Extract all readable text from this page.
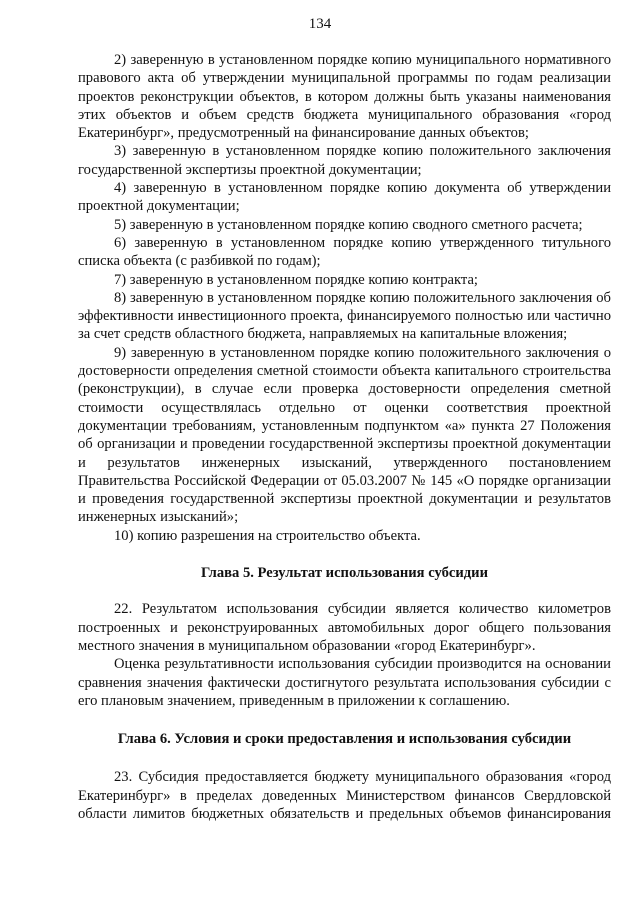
134

2) заверенную в установленном порядке копию муниципального нормативного правового акта об утверждении муниципальной программы по годам реализации проектов реконструкции объектов, в котором должны быть указаны наименования этих объектов и объем средств бюджета муниципального образования «город Екатеринбург», предусмотренный на финансирование данных объектов;

3) заверенную в установленном порядке копию положительного заключения государственной экспертизы проектной документации;

4) заверенную в установленном порядке копию документа об утверждении проектной документации;

5) заверенную в установленном порядке копию сводного сметного расчета;

6) заверенную в установленном порядке копию утвержденного титульного списка объекта (с разбивкой по годам);

7) заверенную в установленном порядке копию контракта;

8) заверенную в установленном порядке копию положительного заключения об эффективности инвестиционного проекта, финансируемого полностью или частично за счет средств областного бюджета, направляемых на капитальные вложения;

9) заверенную в установленном порядке копию положительного заключения о достоверности определения сметной стоимости объекта капитального строительства (реконструкции), в случае если проверка достоверности определения сметной стоимости осуществлялась отдельно от оценки соответствия проектной документации требованиям, установленным подпунктом «а» пункта 27 Положения об организации и проведении государственной экспертизы проектной документации и результатов инженерных изысканий, утвержденного постановлением Правительства Российской Федерации от 05.03.2007 № 145 «О порядке организации и проведения государственной экспертизы проектной документации и результатов инженерных изысканий»;

10) копию разрешения на строительство объекта.

Глава 5. Результат использования субсидии

22. Результатом использования субсидии является количество километров построенных и реконструированных автомобильных дорог общего пользования местного значения в муниципальном образовании «город Екатеринбург».

Оценка результативности использования субсидии производится на основании сравнения значения фактически достигнутого результата использования субсидии с его плановым значением, приведенным в приложении к соглашению.

Глава 6. Условия и сроки предоставления и использования субсидии

23. Субсидия предоставляется бюджету муниципального образования «город Екатеринбург» в пределах доведенных Министерством финансов Свердловской области лимитов бюджетных обязательств и предельных объемов финансирования
